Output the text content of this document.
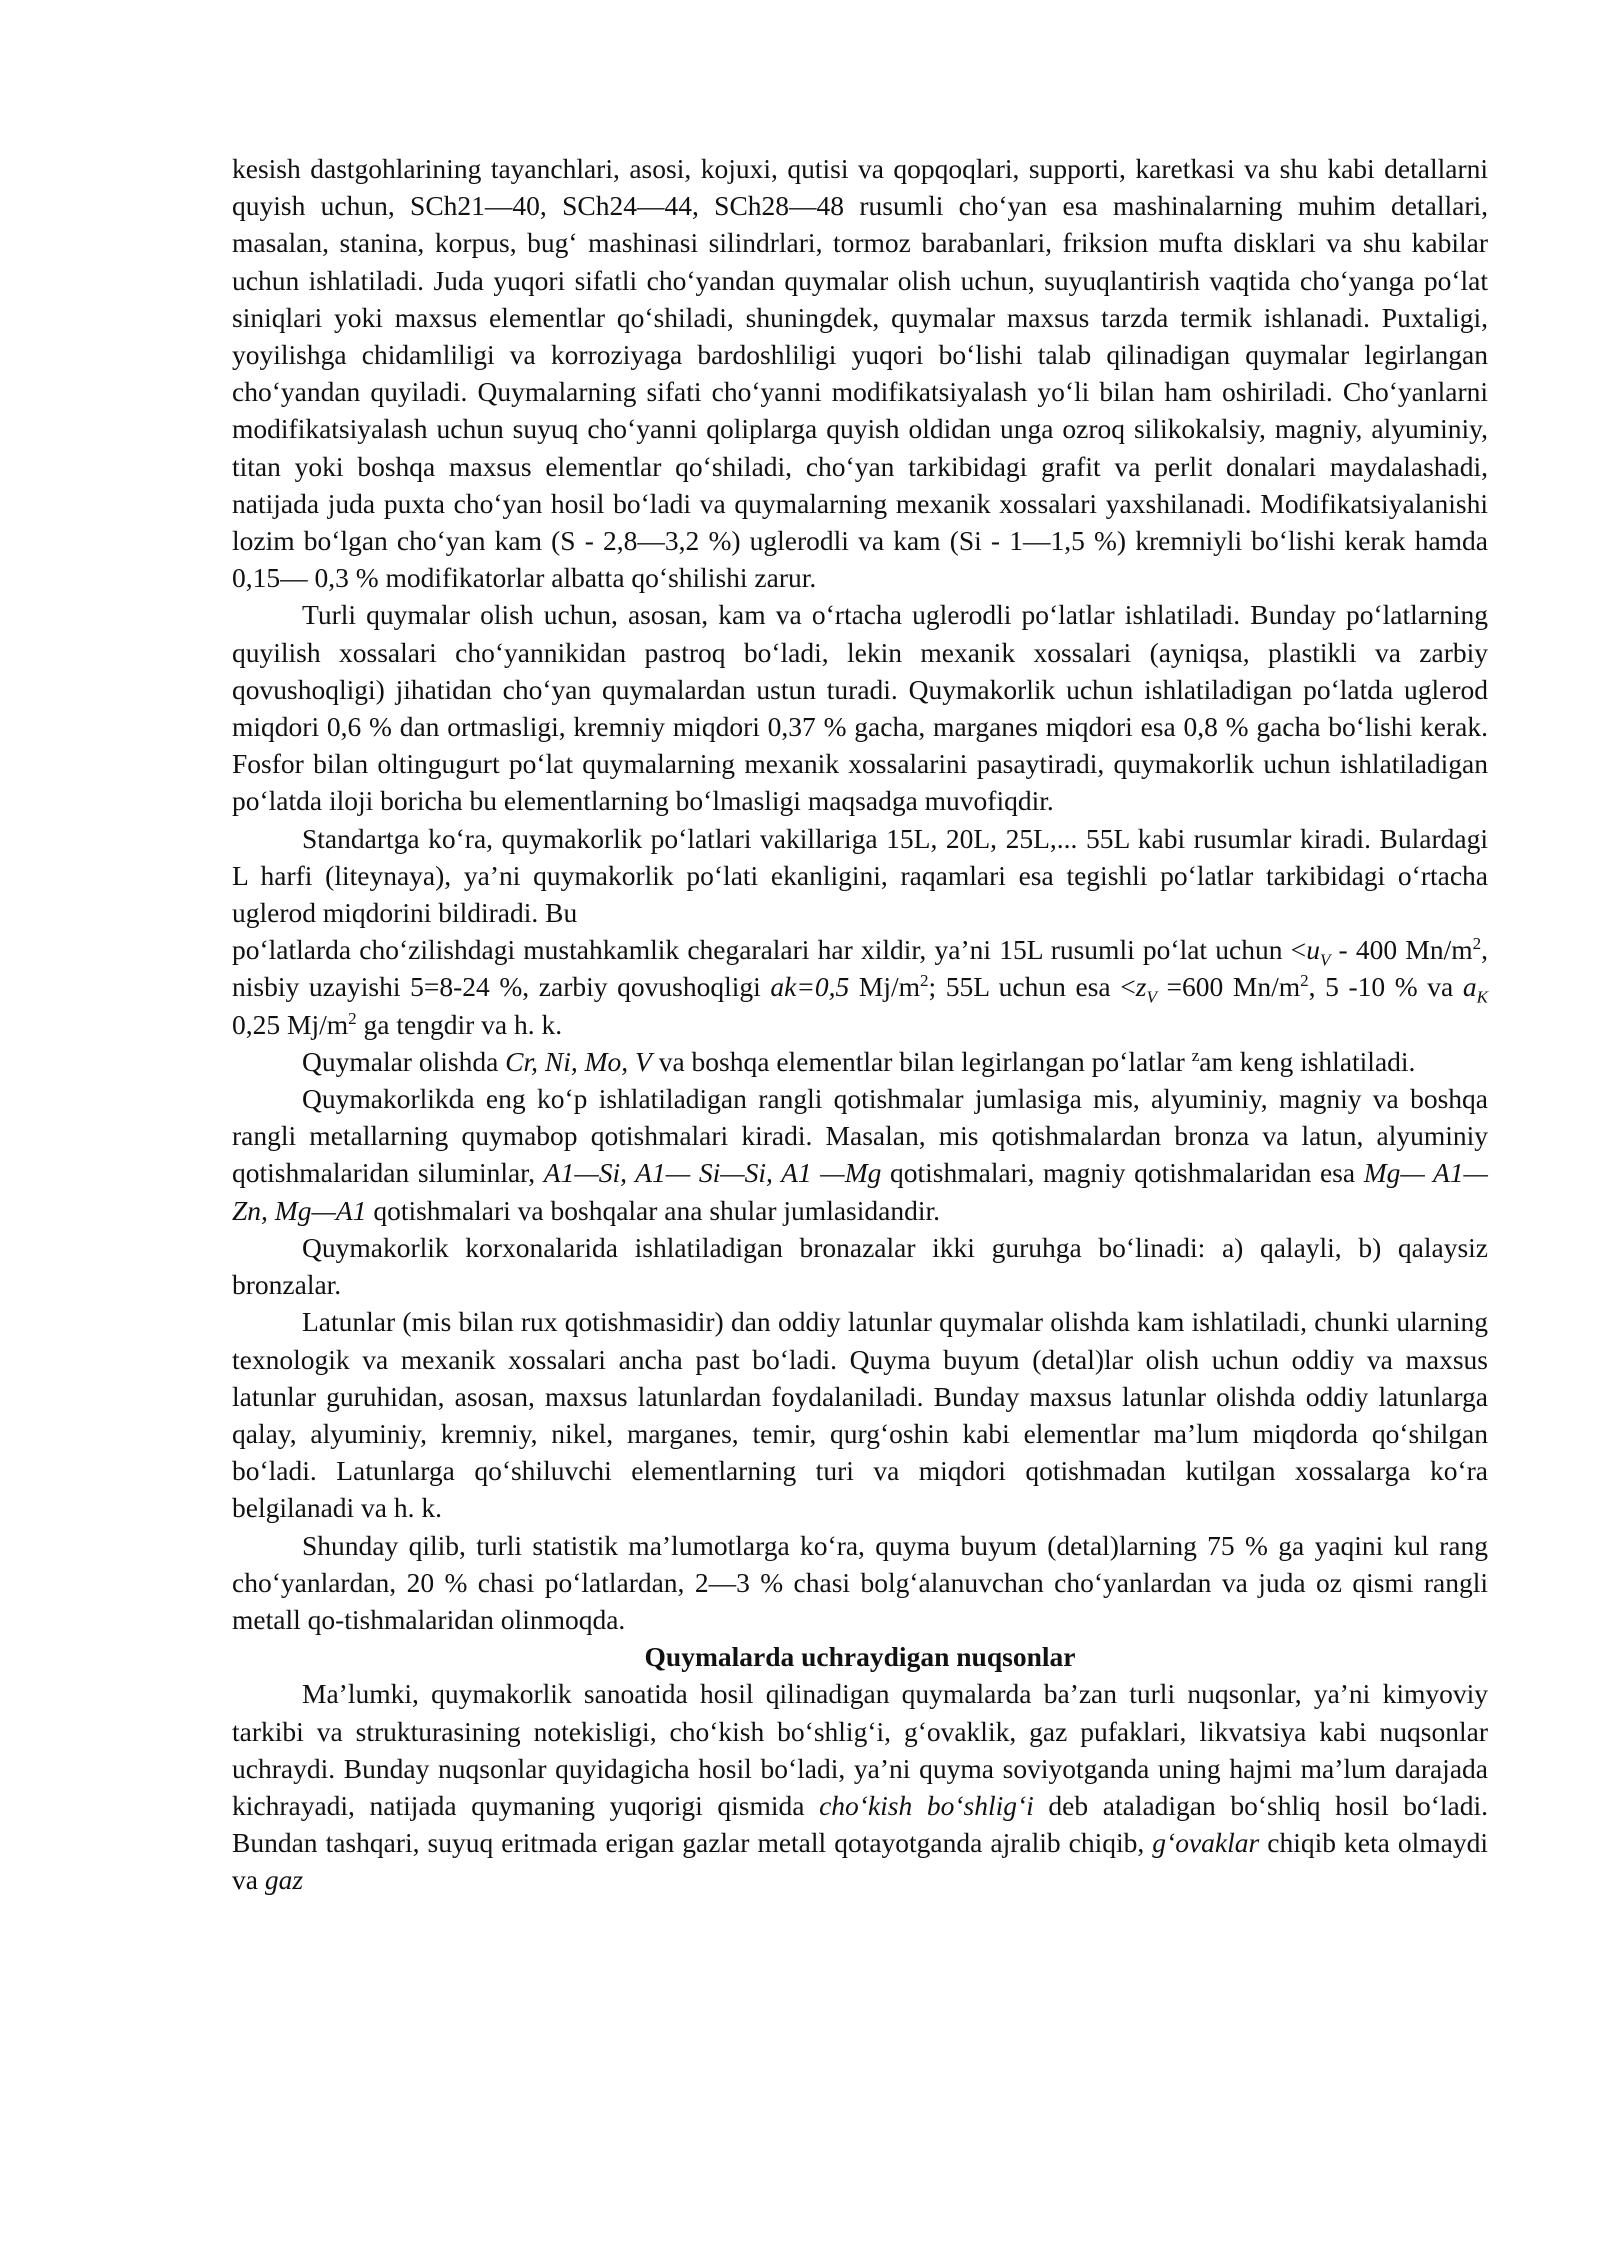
kesish dastgohlarining tayanchlari, asosi, kojuxi, qutisi va qopqoqlari, supporti, karetkasi va shu kabi detallarni quyish uchun, SCh21—40, SCh24—44, SCh28—48 rusumli cho‘yan esa mashinalarning muhim detallari, masalan, stanina, korpus, bug‘ mashinasi silindrlari, tormoz barabanlari, friksion mufta disklari va shu kabilar uchun ishlatiladi. Juda yuqori sifatli cho‘yandan quymalar olish uchun, suyuqlantirish vaqtida cho‘yanga po‘lat siniqlari yoki maxsus elementlar qo‘shiladi, shuningdek, quymalar maxsus tarzda termik ishlanadi. Puxtaligi, yoyilishga chidamliligi va korroziyaga bardoshliligi yuqori bo‘lishi talab qilinadigan quymalar legirlangan cho‘yandan quyiladi. Quymalarning sifati cho‘yanni modifikatsiyalash yo‘li bilan ham oshiriladi. Cho‘yanlarni modifikatsiyalash uchun suyuq cho‘yanni qoliplarga quyish oldidan unga ozroq silikokalsiy, magniy, alyuminiy, titan yoki boshqa maxsus elementlar qo‘shiladi, cho‘yan tarkibidagi grafit va perlit donalari maydalashadi, natijada juda puxta cho‘yan hosil bo‘ladi va quymalarning mexanik xossalari yaxshilanadi. Modifikatsiyalanishi lozim bo‘lgan cho‘yan kam (S - 2,8—3,2 %) uglerodli va kam (Si - 1—1,5 %) kremniyli bo‘lishi kerak hamda 0,15— 0,3 % modifikatorlar albatta qo‘shilishi zarur.

Turli quymalar olish uchun, asosan, kam va o‘rtacha uglerodli po‘latlar ishlatiladi. Bunday po‘latlarning quyilish xossalari cho‘yannikidan pastroq bo‘ladi, lekin mexanik xossalari (ayniqsa, plastikli va zarbiy qovushoqligi) jihatidan cho‘yan quymalardan ustun turadi. Quymakorlik uchun ishlatiladigan po‘latda uglerod miqdori 0,6 % dan ortmasligi, kremniy miqdori 0,37 % gacha, marganes miqdori esa 0,8 % gacha bo‘lishi kerak. Fosfor bilan oltingugurt po‘lat quymalarning mexanik xossalarini pasaytiradi, quymakorlik uchun ishlatiladigan po‘latda iloji boricha bu elementlarning bo‘lmasligi maqsadga muvofiqdir.

Standartga ko‘ra, quymakorlik po‘latlari vakillariga 15L, 20L, 25L,... 55L kabi rusumlar kiradi. Bulardagi L harfi (liteynaya), ya’ni quymakorlik po‘lati ekanligini, raqamlari esa tegishli po‘latlar tarkibidagi o‘rtacha uglerod miqdorini bildiradi. Bu

po‘latlarda cho‘zilishdagi mustahkamlik chegaralari har xildir, ya’ni 15L rusumli po‘lat uchun $<u_V - 400$ $Mn/m^2$, nisbiy uzayishi 5=8-24 %, zarbiy qovushoqligi ak=0,5 $Mj/m^2$; 55L uchun esa $<z_V =600$ $Mn/m^2$, 5 -10 % va $a_K$ 0,25 $Mj/m^2$ ga tengdir va h. k.

Quymalar olishda Cr, Ni, Mo, V va boshqa elementlar bilan legirlangan po‘latlar $^z$am keng ishlatiladi.

Quymakorlikda eng ko‘p ishlatiladigan rangli qotishmalar jumlasiga mis, alyuminiy, magniy va boshqa rangli metallarning quymabop qotishmalari kiradi. Masalan, mis qotishmalardan bronza va latun, alyuminiy qotishmalaridan siluminlar, A1—Si, A1— Si—Si, A1 —Mg qotishmalari, magniy qotishmalaridan esa Mg— A1—Zn, Mg—A1 qotishmalari va boshqalar ana shular jumlasidandir.

Quymakorlik korxonalarida ishlatiladigan bronazalar ikki guruhga bo‘linadi: a) qalayli, b) qalaysiz bronzalar.

Latunlar (mis bilan rux qotishmasidir) dan oddiy latunlar quymalar olishda kam ishlatiladi, chunki ularning texnologik va mexanik xossalari ancha past bo‘ladi. Quyma buyum (detal)lar olish uchun oddiy va maxsus latunlar guruhidan, asosan, maxsus latunlardan foydalaniladi. Bunday maxsus latunlar olishda oddiy latunlarga qalay, alyuminiy, kremniy, nikel, marganes, temir, qurg‘oshin kabi elementlar ma’lum miqdorda qo‘shilgan bo‘ladi. Latunlarga qo‘shiluvchi elementlarning turi va miqdori qotishmadan kutilgan xossalarga ko‘ra belgilanadi va h. k.

Shunday qilib, turli statistik ma’lumotlarga ko‘ra, quyma buyum (detal)larning 75 % ga yaqini kul rang cho‘yanlardan, 20 % chasi po‘latlardan, 2—3 % chasi bolg‘alanuvchan cho‘yanlardan va juda oz qismi rangli metall qo-tishmalaridan olinmoqda.

Quymalarda uchraydigan nuqsonlar

Ma’lumki, quymakorlik sanoatida hosil qilinadigan quymalarda ba’zan turli nuqsonlar, ya’ni kimyoviy tarkibi va strukturasining notekisligi, cho‘kish bo‘shlig‘i, g‘ovaklik, gaz pufaklari, likvatsiya kabi nuqsonlar uchraydi. Bunday nuqsonlar quyidagicha hosil bo‘ladi, ya’ni quyma soviyotganda uning hajmi ma’lum darajada kichrayadi, natijada quymaning yuqorigi qismida cho‘kish bo‘shlig‘i deb ataladigan bo‘shliq hosil bo‘ladi. Bundan tashqari, suyuq eritmada erigan gazlar metall qotayotganda ajralib chiqib, g‘ovaklar chiqib keta olmaydi va gaz
